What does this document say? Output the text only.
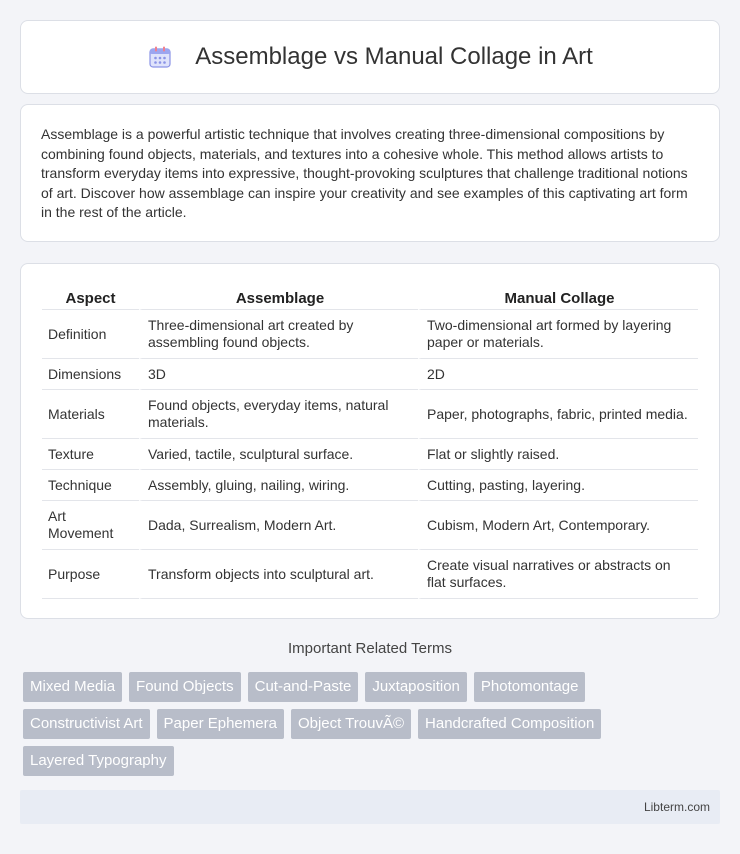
Assemblage vs Manual Collage in Art

Assemblage is a powerful artistic technique that involves creating three-dimensional compositions by combining found objects, materials, and textures into a cohesive whole. This method allows artists to transform everyday items into expressive, thought-provoking sculptures that challenge traditional notions of art. Discover how assemblage can inspire your creativity and see examples of this captivating art form in the rest of the article.

Aspect	Assemblage	Manual Collage
Definition	Three-dimensional art created by assembling found objects.	Two-dimensional art formed by layering paper or materials.
Dimensions	3D	2D
Materials	Found objects, everyday items, natural materials.	Paper, photographs, fabric, printed media.
Texture	Varied, tactile, sculptural surface.	Flat or slightly raised.
Technique	Assembly, gluing, nailing, wiring.	Cutting, pasting, layering.
Art Movement	Dada, Surrealism, Modern Art.	Cubism, Modern Art, Contemporary.
Purpose	Transform objects into sculptural art.	Create visual narratives or abstracts on flat surfaces.
Important Related Terms
Mixed Media	Found Objects	Cut-and-Paste	Juxtaposition	Photomontage
Constructivist Art	Paper Ephemera	Object TrouvÃ©	Handcrafted Composition
Layered Typography
Libterm.com
